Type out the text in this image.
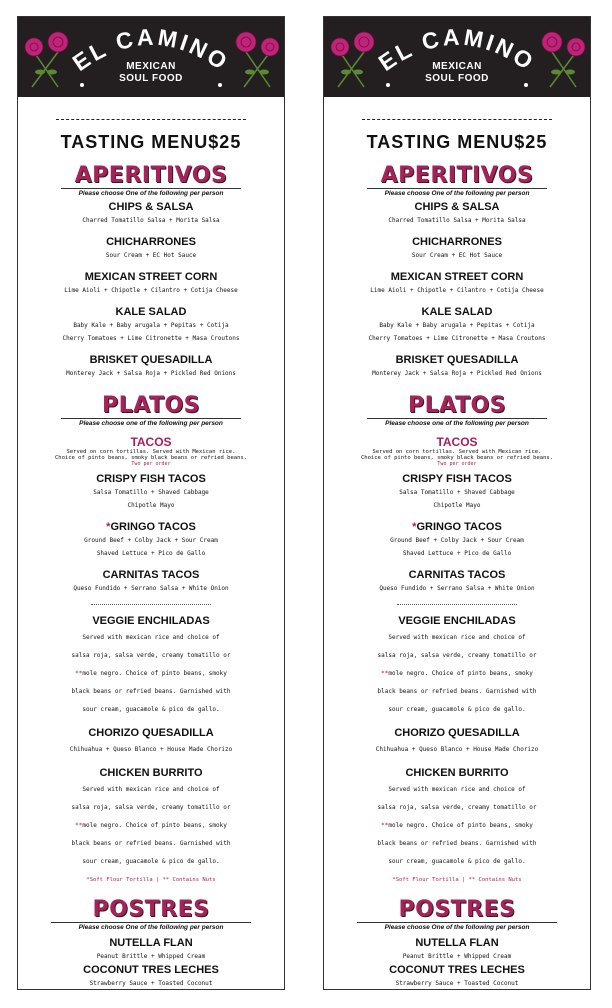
EL CAMINO
MEXICAN
SOUL FOOD
TASTING MENU$25
APERITIVOS
Please choose One of the following per person
CHIPS & SALSA
Charred Tomatillo Salsa + Morita Salsa
CHICHARRONES
Sour Cream + EC Hot Sauce
MEXICAN STREET CORN
Lime Aioli + Chipotle + Cilantro + Cotija Cheese
KALE SALAD
Baby Kale + Baby arugala + Pepitas + Cotija
Cherry Tomatoes + Lime Citronette + Masa Croutons
BRISKET QUESADILLA
Monterey Jack + Salsa Roja + Pickled Red Onions
PLATOS
Please choose one of the following per person
TACOS
Served on corn tortillas. Served with Mexican rice.
Choice of pinto beans, smoky black beans or refried beans.
Two per order
CRISPY FISH TACOS
Salsa Tomatillo + Shaved Cabbage
Chipotle Mayo
*GRINGO TACOS
Ground Beef + Colby Jack + Sour Cream
Shaved Lettuce + Pico de Gallo
CARNITAS TACOS
Queso Fundido + Serrano Salsa + White Onion
VEGGIE ENCHILADAS
Served with mexican rice and choice of
salsa roja, salsa verde, creamy tomatillo or
**mole negro. Choice of pinto beans, smoky
black beans or refried beans. Garnished with
sour cream, guacamole & pico de gallo.
CHORIZO QUESADILLA
Chihuahua + Queso Blanco + House Made Chorizo
CHICKEN BURRITO
Served with mexican rice and choice of
salsa roja, salsa verde, creamy tomatillo or
**mole negro. Choice of pinto beans, smoky
black beans or refried beans. Garnished with
sour cream, guacamole & pico de gallo.
*Soft Flour Tortilla | ** Contains Nuts
POSTRES
Please choose One of the following per person
NUTELLA FLAN
Peanut Brittle + Whipped Cream
COCONUT TRES LECHES
Strawberry Sauce + Toasted Coconut
EL CAMINO
MEXICAN
SOUL FOOD
TASTING MENU$25
APERITIVOS
Please choose One of the following per person
CHIPS & SALSA
Charred Tomatillo Salsa + Morita Salsa
CHICHARRONES
Sour Cream + EC Hot Sauce
MEXICAN STREET CORN
Lime Aioli + Chipotle + Cilantro + Cotija Cheese
KALE SALAD
Baby Kale + Baby arugala + Pepitas + Cotija
Cherry Tomatoes + Lime Citronette + Masa Croutons
BRISKET QUESADILLA
Monterey Jack + Salsa Roja + Pickled Red Onions
PLATOS
Please choose one of the following per person
TACOS
Served on corn tortillas. Served with Mexican rice.
Choice of pinto beans, smoky black beans or refried beans.
Two per order
CRISPY FISH TACOS
Salsa Tomatillo + Shaved Cabbage
Chipotle Mayo
*GRINGO TACOS
Ground Beef + Colby Jack + Sour Cream
Shaved Lettuce + Pico de Gallo
CARNITAS TACOS
Queso Fundido + Serrano Salsa + White Onion
VEGGIE ENCHILADAS
Served with mexican rice and choice of
salsa roja, salsa verde, creamy tomatillo or
**mole negro. Choice of pinto beans, smoky
black beans or refried beans. Garnished with
sour cream, guacamole & pico de gallo.
CHORIZO QUESADILLA
Chihuahua + Queso Blanco + House Made Chorizo
CHICKEN BURRITO
Served with mexican rice and choice of
salsa roja, salsa verde, creamy tomatillo or
**mole negro. Choice of pinto beans, smoky
black beans or refried beans. Garnished with
sour cream, guacamole & pico de gallo.
*Soft Flour Tortilla | ** Contains Nuts
POSTRES
Please choose One of the following per person
NUTELLA FLAN
Peanut Brittle + Whipped Cream
COCONUT TRES LECHES
Strawberry Sauce + Toasted Coconut
